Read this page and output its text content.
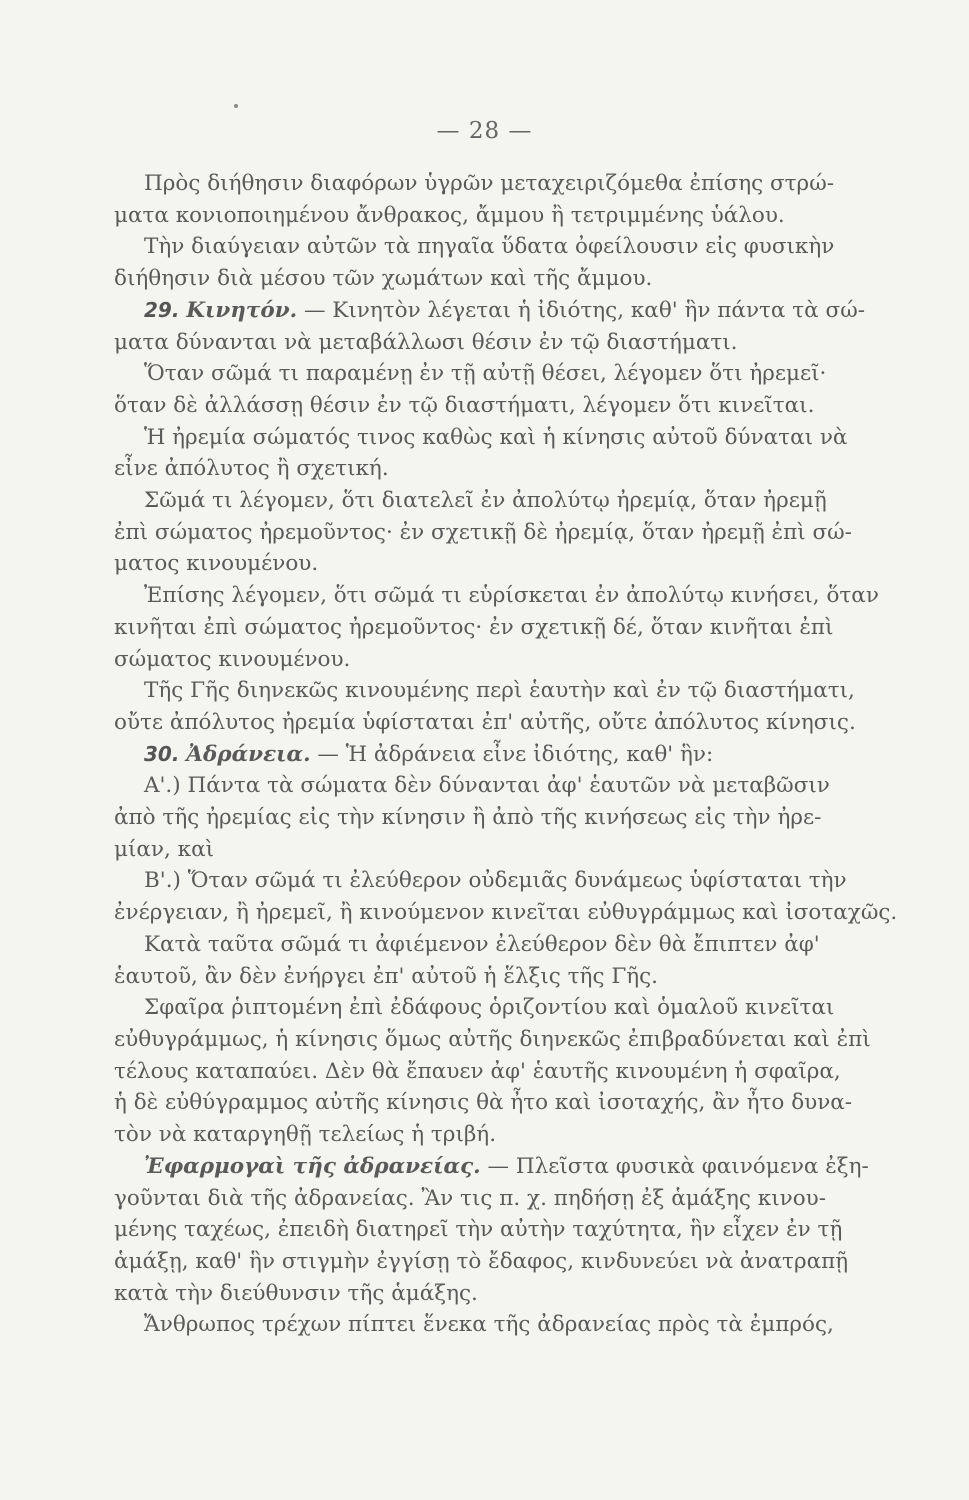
— 28 —
Πρὸς διήθησιν διαφόρων ὑγρῶν μεταχειριζόμεθα ἐπίσης στρώ-
ματα κονιοποιημένου ἄνθρακος, ἄμμου ἢ τετριμμένης ὑάλου.
Τὴν διαύγειαν αὐτῶν τὰ πηγαῖα ὕδατα ὀφείλουσιν εἰς φυσικὴν
διήθησιν διὰ μέσου τῶν χωμάτων καὶ τῆς ἄμμου.
29. Κινητόν. — Κινητὸν λέγεται ἡ ἰδιότης, καθ' ἣν πάντα τὰ σώ-
ματα δύνανται νὰ μεταβάλλωσι θέσιν ἐν τῷ διαστήματι.
Ὅταν σῶμά τι παραμένῃ ἐν τῇ αὐτῇ θέσει, λέγομεν ὅτι ἠρεμεῖ·
ὅταν δὲ ἀλλάσσῃ θέσιν ἐν τῷ διαστήματι, λέγομεν ὅτι κινεῖται.
Ἡ ἠρεμία σώματός τινος καθὼς καὶ ἡ κίνησις αὐτοῦ δύναται νὰ
εἶνε ἀπόλυτος ἢ σχετική.
Σῶμά τι λέγομεν, ὅτι διατελεῖ ἐν ἀπολύτῳ ἠρεμίᾳ, ὅταν ἠρεμῇ
ἐπὶ σώματος ἠρεμοῦντος· ἐν σχετικῇ δὲ ἠρεμίᾳ, ὅταν ἠρεμῇ ἐπὶ σώ-
ματος κινουμένου.
Ἐπίσης λέγομεν, ὅτι σῶμά τι εὑρίσκεται ἐν ἀπολύτῳ κινήσει, ὅταν
κινῆται ἐπὶ σώματος ἠρεμοῦντος· ἐν σχετικῇ δέ, ὅταν κινῆται ἐπὶ
σώματος κινουμένου.
Τῆς Γῆς διηνεκῶς κινουμένης περὶ ἑαυτὴν καὶ ἐν τῷ διαστήματι,
οὔτε ἀπόλυτος ἠρεμία ὑφίσταται ἐπ' αὐτῆς, οὔτε ἀπόλυτος κίνησις.
30. Ἀδράνεια. — Ἡ ἀδράνεια εἶνε ἰδιότης, καθ' ἣν:
Α'.) Πάντα τὰ σώματα δὲν δύνανται ἀφ' ἑαυτῶν νὰ μεταβῶσιν
ἀπὸ τῆς ἠρεμίας εἰς τὴν κίνησιν ἢ ἀπὸ τῆς κινήσεως εἰς τὴν ἠρε-
μίαν, καὶ
Β'.) Ὅταν σῶμά τι ἐλεύθερον οὐδεμιᾶς δυνάμεως ὑφίσταται τὴν
ἐνέργειαν, ἢ ἠρεμεῖ, ἢ κινούμενον κινεῖται εὐθυγράμμως καὶ ἰσοταχῶς.
Κατὰ ταῦτα σῶμά τι ἀφιέμενον ἐλεύθερον δὲν θὰ ἔπιπτεν ἀφ'
ἑαυτοῦ, ἂν δὲν ἐνήργει ἐπ' αὐτοῦ ἡ ἕλξις τῆς Γῆς.
Σφαῖρα ῥιπτομένη ἐπὶ ἐδάφους ὁριζοντίου καὶ ὁμαλοῦ κινεῖται
εὐθυγράμμως, ἡ κίνησις ὅμως αὐτῆς διηνεκῶς ἐπιβραδύνεται καὶ ἐπὶ
τέλους καταπαύει. Δὲν θὰ ἔπαυεν ἀφ' ἑαυτῆς κινουμένη ἡ σφαῖρα,
ἡ δὲ εὐθύγραμμος αὐτῆς κίνησις θὰ ἦτο καὶ ἰσοταχής, ἂν ἦτο δυνα-
τὸν νὰ καταργηθῇ τελείως ἡ τριβή.
Ἐφαρμογαὶ τῆς ἀδρανείας. — Πλεῖστα φυσικὰ φαινόμενα ἐξη-
γοῦνται διὰ τῆς ἀδρανείας. Ἂν τις π. χ. πηδήσῃ ἐξ ἁμάξης κινου-
μένης ταχέως, ἐπειδὴ διατηρεῖ τὴν αὐτὴν ταχύτητα, ἣν εἶχεν ἐν τῇ
ἁμάξῃ, καθ' ἣν στιγμὴν ἐγγίσῃ τὸ ἔδαφος, κινδυνεύει νὰ ἀνατραπῇ
κατὰ τὴν διεύθυνσιν τῆς ἁμάξης.
Ἄνθρωπος τρέχων πίπτει ἕνεκα τῆς ἀδρανείας πρὸς τὰ ἐμπρός,
